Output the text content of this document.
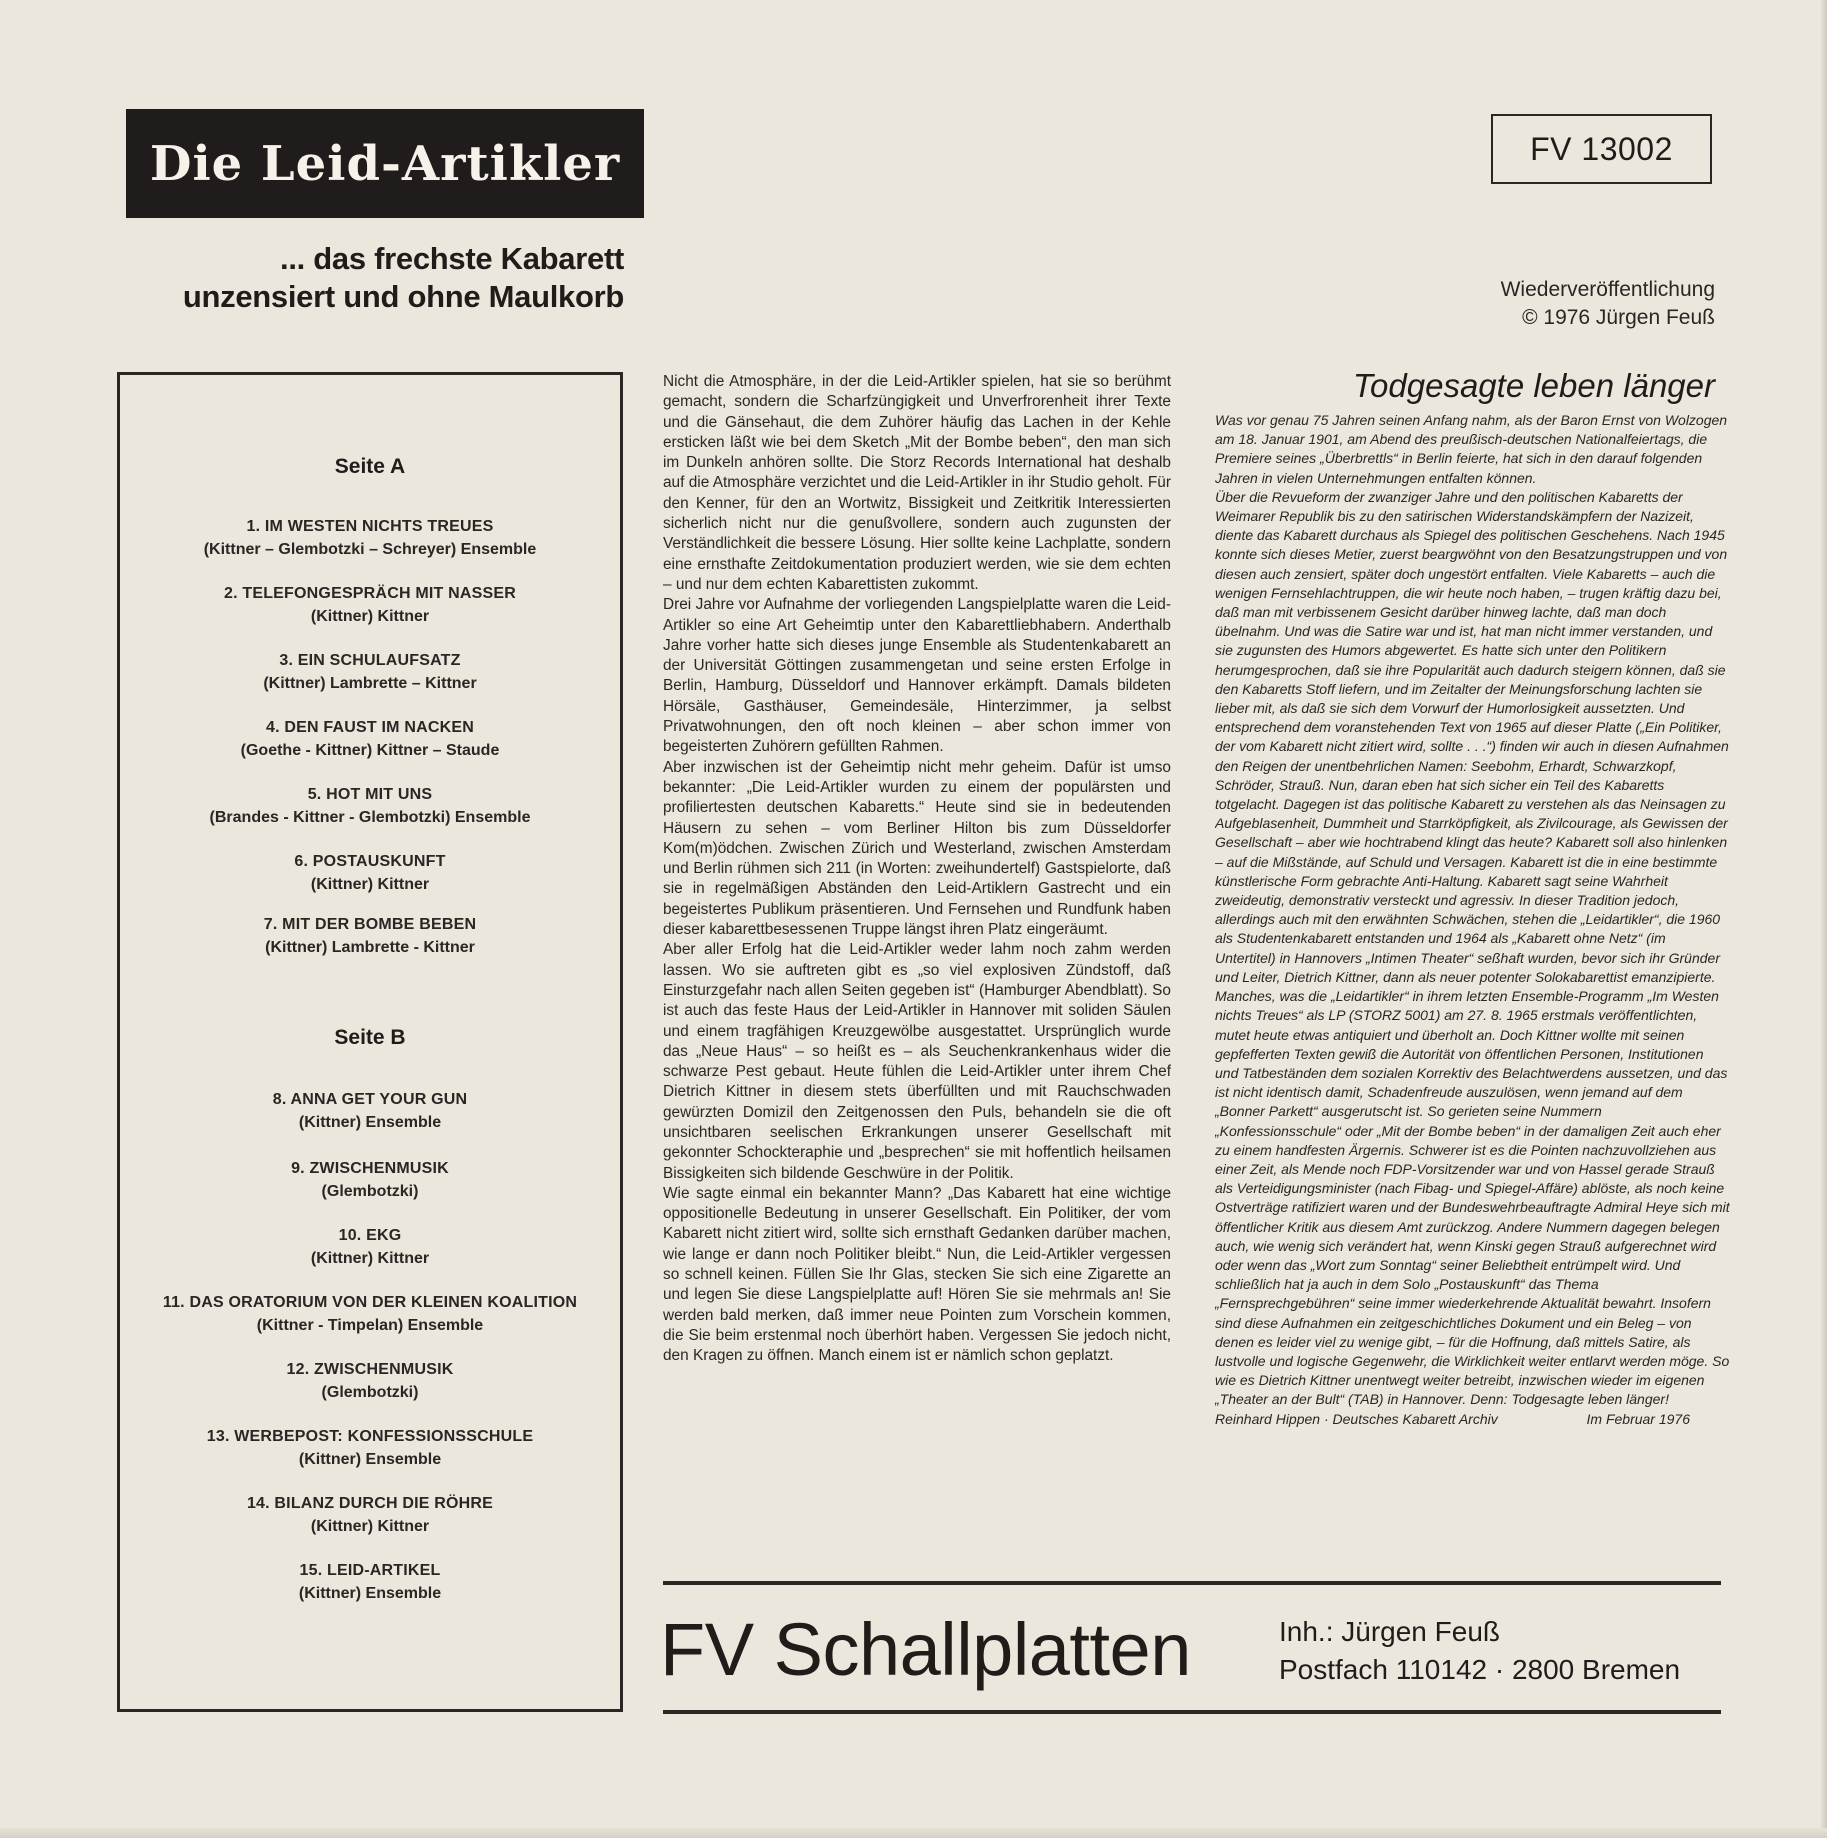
Die Leid-Artikler
... das frechste Kabarett
unzensiert und ohne Maulkorb
FV 13002
Wiederveröffentlichung
© 1976 Jürgen Feuß
Seite A
1. IM WESTEN NICHTS TREUES
(Kittner – Glembotzki – Schreyer) Ensemble
2. TELEFONGESPRÄCH MIT NASSER
(Kittner) Kittner
3. EIN SCHULAUFSATZ
(Kittner) Lambrette – Kittner
4. DEN FAUST IM NACKEN
(Goethe - Kittner) Kittner – Staude
5. HOT MIT UNS
(Brandes - Kittner - Glembotzki) Ensemble
6. POSTAUSKUNFT
(Kittner) Kittner
7. MIT DER BOMBE BEBEN
(Kittner) Lambrette - Kittner
Seite B
8. ANNA GET YOUR GUN
(Kittner) Ensemble
9. ZWISCHENMUSIK
(Glembotzki)
10. EKG
(Kittner) Kittner
11. DAS ORATORIUM VON DER KLEINEN KOALITION
(Kittner - Timpelan) Ensemble
12. ZWISCHENMUSIK
(Glembotzki)
13. WERBEPOST: KONFESSIONSSCHULE
(Kittner) Ensemble
14. BILANZ DURCH DIE RÖHRE
(Kittner) Kittner
15. LEID-ARTIKEL
(Kittner) Ensemble

Nicht die Atmosphäre, in der die Leid-Artikler spielen, hat sie so berühmt gemacht, sondern die Scharfzüngigkeit und Unverfrorenheit ihrer Texte und die Gänsehaut, die dem Zuhörer häufig das Lachen in der Kehle ersticken läßt wie bei dem Sketch „Mit der Bombe beben“, den man sich im Dunkeln anhören sollte. Die Storz Records International hat deshalb auf die Atmosphäre verzichtet und die Leid-Artikler in ihr Studio geholt. Für den Kenner, für den an Wortwitz, Bissigkeit und Zeitkritik Interessierten sicherlich nicht nur die genußvollere, sondern auch zugunsten der Verständlichkeit die bessere Lösung. Hier sollte keine Lachplatte, sondern eine ernsthafte Zeitdokumentation produziert werden, wie sie dem echten – und nur dem echten Kabarettisten zukommt.

Drei Jahre vor Aufnahme der vorliegenden Langspielplatte waren die Leid-Artikler so eine Art Geheimtip unter den Kabarettliebhabern. Anderthalb Jahre vorher hatte sich dieses junge Ensemble als Studentenkabarett an der Universität Göttingen zusammengetan und seine ersten Erfolge in Berlin, Hamburg, Düsseldorf und Hannover erkämpft. Damals bildeten Hörsäle, Gasthäuser, Gemeindesäle, Hinterzimmer, ja selbst Privatwohnungen, den oft noch kleinen – aber schon immer von begeisterten Zuhörern gefüllten Rahmen.

Aber inzwischen ist der Geheimtip nicht mehr geheim. Dafür ist umso bekannter: „Die Leid-Artikler wurden zu einem der populärsten und profiliertesten deutschen Kabaretts.“ Heute sind sie in bedeutenden Häusern zu sehen – vom Berliner Hilton bis zum Düsseldorfer Kom(m)ödchen. Zwischen Zürich und Westerland, zwischen Amsterdam und Berlin rühmen sich 211 (in Worten: zweihundertelf) Gastspielorte, daß sie in regelmäßigen Abständen den Leid-Artiklern Gastrecht und ein begeistertes Publikum präsentieren. Und Fernsehen und Rundfunk haben dieser kabarettbesessenen Truppe längst ihren Platz eingeräumt.

Aber aller Erfolg hat die Leid-Artikler weder lahm noch zahm werden lassen. Wo sie auftreten gibt es „so viel explosiven Zündstoff, daß Einsturzgefahr nach allen Seiten gegeben ist“ (Hamburger Abendblatt). So ist auch das feste Haus der Leid-Artikler in Hannover mit soliden Säulen und einem tragfähigen Kreuzgewölbe ausgestattet. Ursprünglich wurde das „Neue Haus“ – so heißt es – als Seuchenkrankenhaus wider die schwarze Pest gebaut. Heute fühlen die Leid-Artikler unter ihrem Chef Dietrich Kittner in diesem stets überfüllten und mit Rauchschwaden gewürzten Domizil den Zeitgenossen den Puls, behandeln sie die oft unsichtbaren seelischen Erkrankungen unserer Gesellschaft mit gekonnter Schockteraphie und „besprechen“ sie mit hoffentlich heilsamen Bissigkeiten sich bildende Geschwüre in der Politik.

Wie sagte einmal ein bekannter Mann? „Das Kabarett hat eine wichtige oppositionelle Bedeutung in unserer Gesellschaft. Ein Politiker, der vom Kabarett nicht zitiert wird, sollte sich ernsthaft Gedanken darüber machen, wie lange er dann noch Politiker bleibt.“ Nun, die Leid-Artikler vergessen so schnell keinen. Füllen Sie Ihr Glas, stecken Sie sich eine Zigarette an und legen Sie diese Langspielplatte auf! Hören Sie sie mehrmals an! Sie werden bald merken, daß immer neue Pointen zum Vorschein kommen, die Sie beim erstenmal noch überhört haben. Vergessen Sie jedoch nicht, den Kragen zu öffnen. Manch einem ist er nämlich schon geplatzt.

Todgesagte leben länger

Was vor genau 75 Jahren seinen Anfang nahm, als der Baron Ernst von Wolzogen am 18. Januar 1901, am Abend des preußisch-deutschen Nationalfeiertags, die Premiere seines „Überbrettls“ in Berlin feierte, hat sich in den darauf folgenden Jahren in vielen Unternehmungen entfalten können.

Über die Revueform der zwanziger Jahre und den politischen Kabaretts der Weimarer Republik bis zu den satirischen Widerstandskämpfern der Nazizeit, diente das Kabarett durchaus als Spiegel des politischen Geschehens. Nach 1945 konnte sich dieses Metier, zuerst beargwöhnt von den Besatzungstruppen und von diesen auch zensiert, später doch ungestört entfalten. Viele Kabaretts – auch die wenigen Fernsehlachtruppen, die wir heute noch haben, – trugen kräftig dazu bei, daß man mit verbissenem Gesicht darüber hinweg lachte, daß man doch übelnahm. Und was die Satire war und ist, hat man nicht immer verstanden, und sie zugunsten des Humors abgewertet. Es hatte sich unter den Politikern herumgesprochen, daß sie ihre Popularität auch dadurch steigern können, daß sie den Kabaretts Stoff liefern, und im Zeitalter der Meinungsforschung lachten sie lieber mit, als daß sie sich dem Vorwurf der Humorlosigkeit aussetzten. Und entsprechend dem voranstehenden Text von 1965 auf dieser Platte („Ein Politiker, der vom Kabarett nicht zitiert wird, sollte . . .“) finden wir auch in diesen Aufnahmen den Reigen der unentbehrlichen Namen: Seebohm, Erhardt, Schwarzkopf, Schröder, Strauß. Nun, daran eben hat sich sicher ein Teil des Kabaretts totgelacht. Dagegen ist das politische Kabarett zu verstehen als das Neinsagen zu Aufgeblasenheit, Dummheit und Starrköpfigkeit, als Zivilcourage, als Gewissen der Gesellschaft – aber wie hochtrabend klingt das heute? Kabarett soll also hinlenken – auf die Mißstände, auf Schuld und Versagen. Kabarett ist die in eine bestimmte künstlerische Form gebrachte Anti-Haltung. Kabarett sagt seine Wahrheit zweideutig, demonstrativ versteckt und agressiv. In dieser Tradition jedoch, allerdings auch mit den erwähnten Schwächen, stehen die „Leidartikler“, die 1960 als Studentenkabarett entstanden und 1964 als „Kabarett ohne Netz“ (im Untertitel) in Hannovers „Intimen Theater“ seßhaft wurden, bevor sich ihr Gründer und Leiter, Dietrich Kittner, dann als neuer potenter Solokabarettist emanzipierte.

Manches, was die „Leidartikler“ in ihrem letzten Ensemble-Programm „Im Westen nichts Treues“ als LP (STORZ 5001) am 27. 8. 1965 erstmals veröffentlichten, mutet heute etwas antiquiert und überholt an. Doch Kittner wollte mit seinen gepfefferten Texten gewiß die Autorität von öffentlichen Personen, Institutionen und Tatbeständen dem sozialen Korrektiv des Belachtwerdens aussetzen, und das ist nicht identisch damit, Schadenfreude auszulösen, wenn jemand auf dem „Bonner Parkett“ ausgerutscht ist. So gerieten seine Nummern „Konfessionsschule“ oder „Mit der Bombe beben“ in der damaligen Zeit auch eher zu einem handfesten Ärgernis. Schwerer ist es die Pointen nachzuvollziehen aus einer Zeit, als Mende noch FDP-Vorsitzender war und von Hassel gerade Strauß als Verteidigungsminister (nach Fibag- und Spiegel-Affäre) ablöste, als noch keine Ostverträge ratifiziert waren und der Bundeswehrbeauftragte Admiral Heye sich mit öffentlicher Kritik aus diesem Amt zurückzog. Andere Nummern dagegen belegen auch, wie wenig sich verändert hat, wenn Kinski gegen Strauß aufgerechnet wird oder wenn das „Wort zum Sonntag“ seiner Beliebtheit entrümpelt wird. Und schließlich hat ja auch in dem Solo „Postauskunft“ das Thema „Fernsprechgebühren“ seine immer wiederkehrende Aktualität bewahrt. Insofern sind diese Aufnahmen ein zeitgeschichtliches Dokument und ein Beleg – von denen es leider viel zu wenige gibt, – für die Hoffnung, daß mittels Satire, als lustvolle und logische Gegenwehr, die Wirklichkeit weiter entlarvt werden möge. So wie es Dietrich Kittner unentwegt weiter betreibt, inzwischen wieder im eigenen „Theater an der Bult“ (TAB) in Hannover. Denn: Todgesagte leben länger!

Reinhard Hippen · Deutsches Kabarett Archiv	Im Februar 1976
FV Schallplatten	Inh.: Jürgen Feuß
Postfach 110142 · 2800 Bremen
